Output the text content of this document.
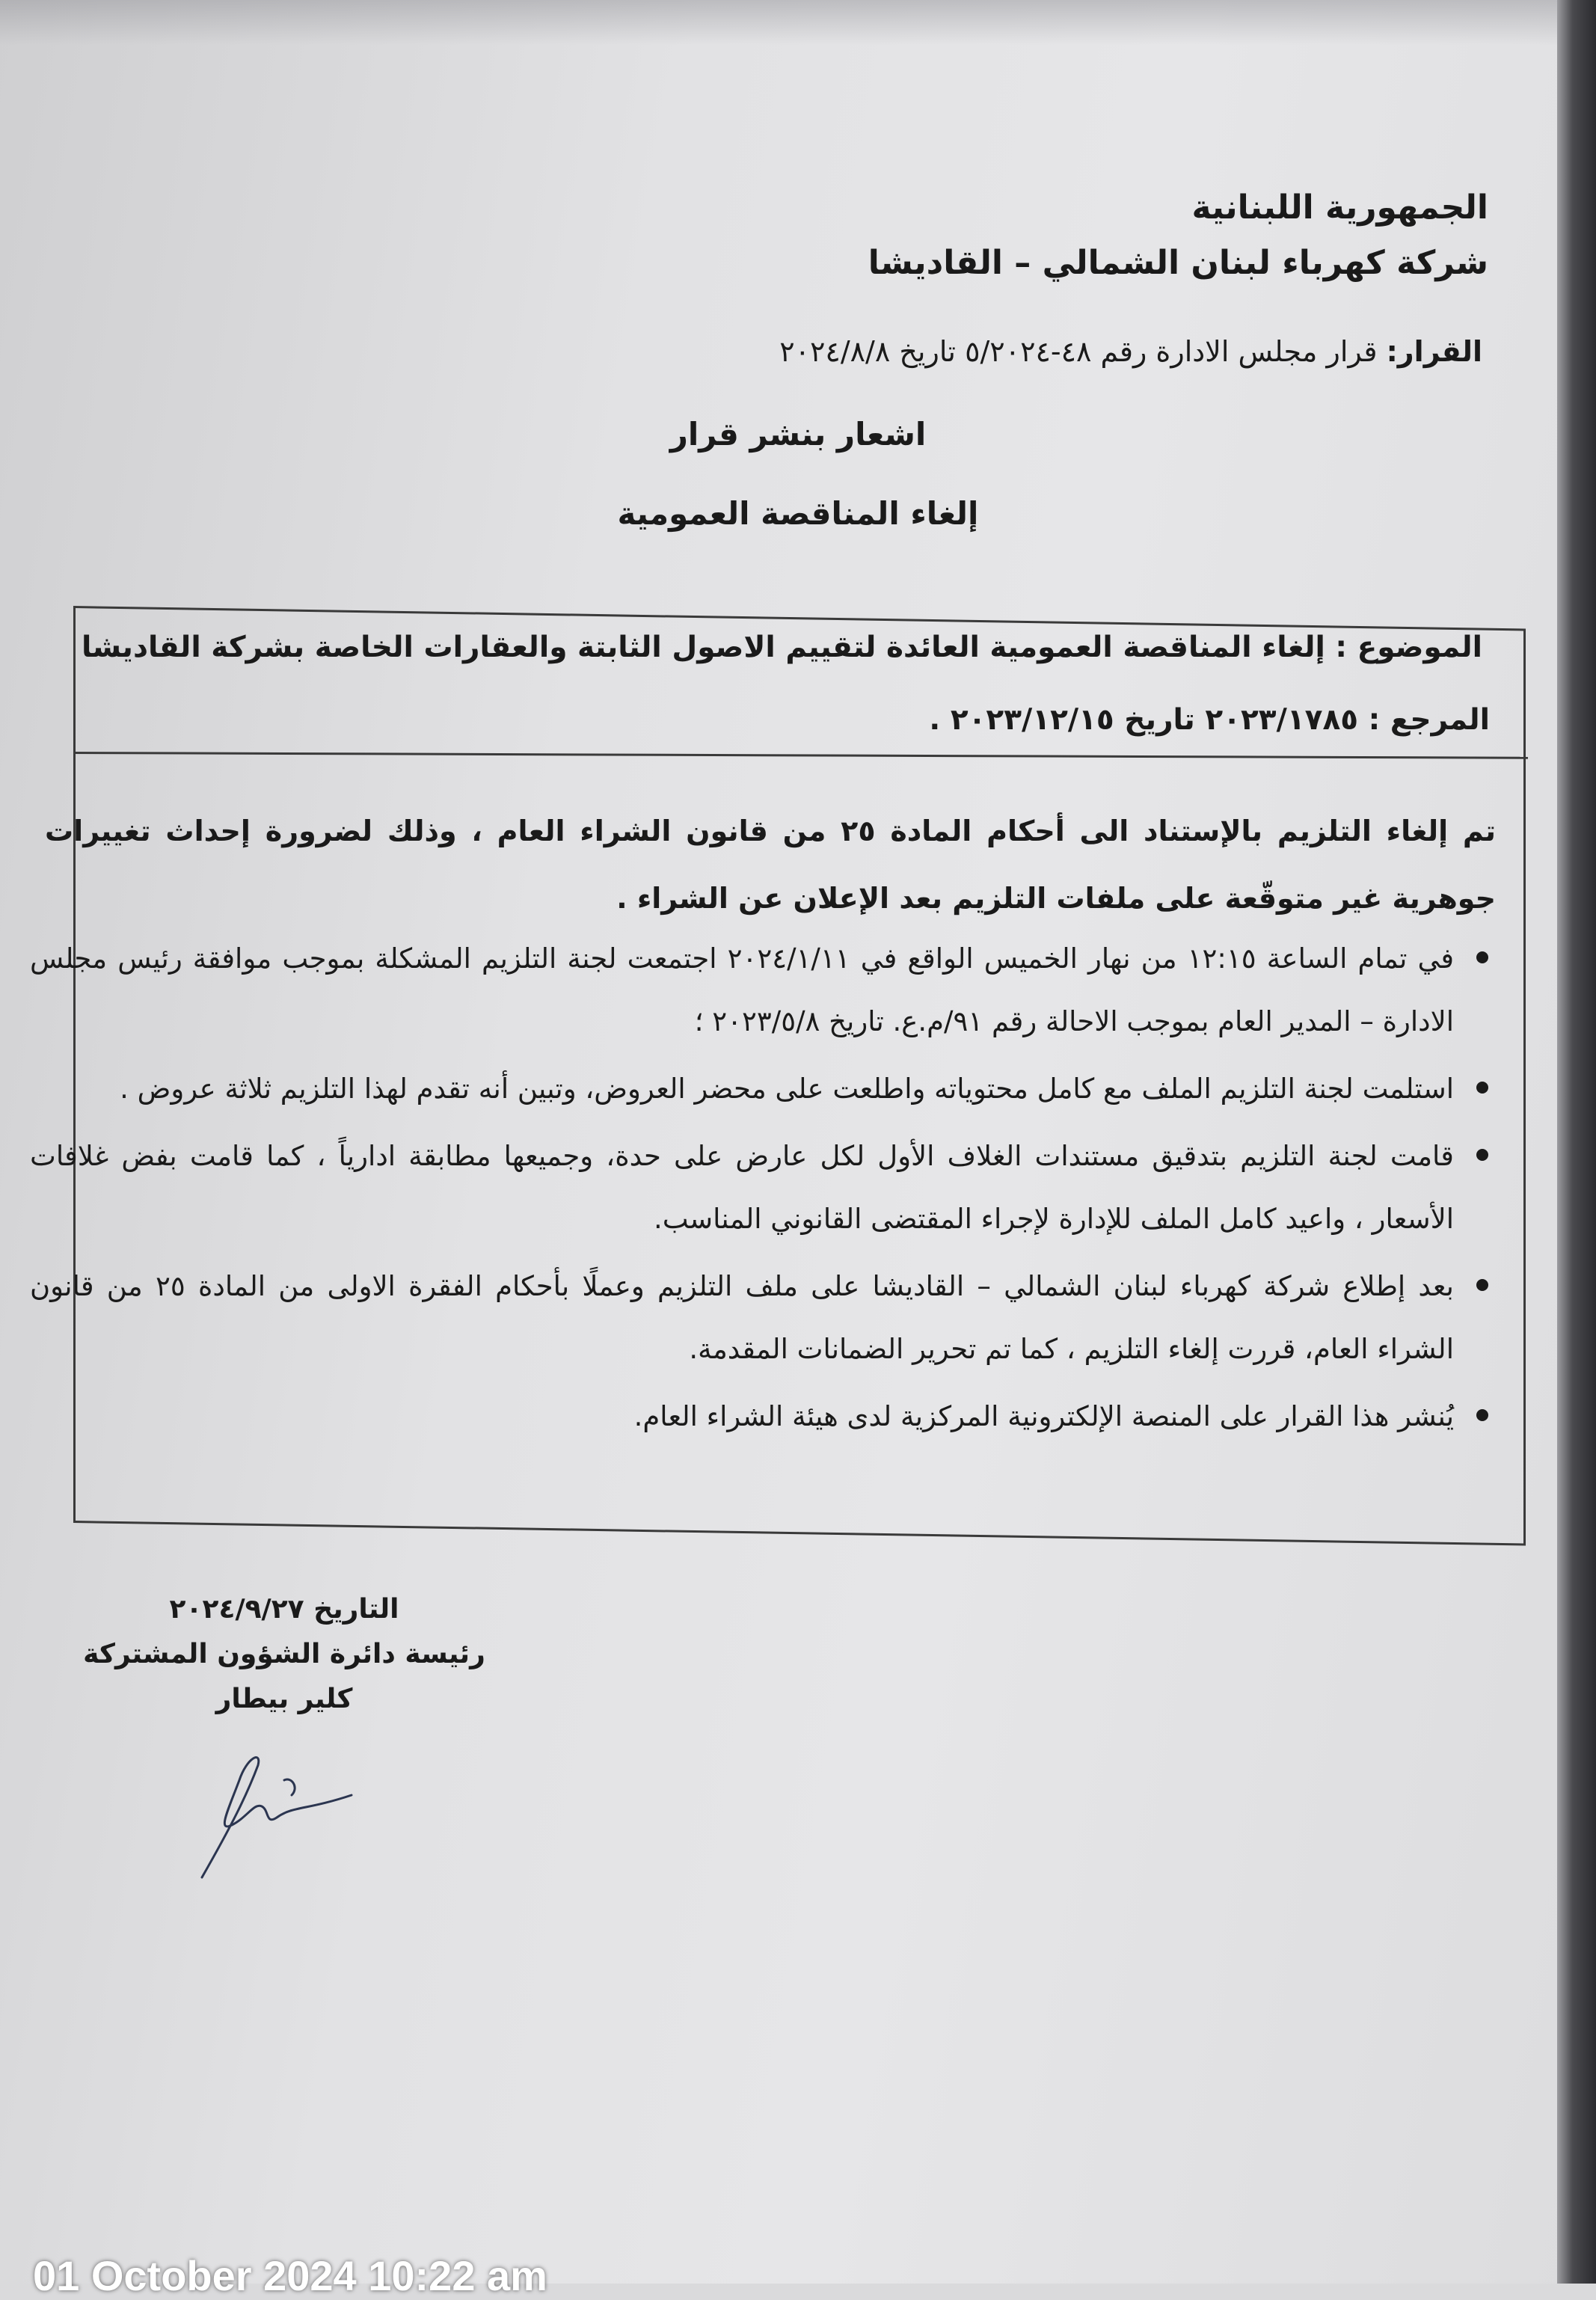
الجمهورية اللبنانية
شركة كهرباء لبنان الشمالي – القاديشا
القرار: قرار مجلس الادارة رقم ٤٨-٥/٢٠٢٤ تاريخ ٢٠٢٤/٨/٨
اشعار بنشر قرار
إلغاء المناقصة العمومية
الموضوع : إلغاء المناقصة العمومية العائدة لتقييم الاصول الثابتة والعقارات الخاصة بشركة القاديشا
المرجع : ٢٠٢٣/١٧٨٥ تاريخ ٢٠٢٣/١٢/١٥ .
تم إلغاء التلزيم بالإستناد الى أحكام المادة ٢٥ من قانون الشراء العام ، وذلك لضرورة إحداث تغييرات جوهرية غير متوقّعة على ملفات التلزيم بعد الإعلان عن الشراء .
في تمام الساعة ١٢:١٥ من نهار الخميس الواقع في ٢٠٢٤/١/١١ اجتمعت لجنة التلزيم المشكلة بموجب موافقة رئيس مجلس الادارة – المدير العام بموجب الاحالة رقم ٩١/م.ع. تاريخ ٢٠٢٣/٥/٨ ؛
استلمت لجنة التلزيم الملف مع كامل محتوياته واطلعت على محضر العروض، وتبين أنه تقدم لهذا التلزيم ثلاثة عروض .
قامت لجنة التلزيم بتدقيق مستندات الغلاف الأول لكل عارض على حدة، وجميعها مطابقة ادارياً ، كما قامت بفض غلافات الأسعار ، واعيد كامل الملف للإدارة لإجراء المقتضى القانوني المناسب.
بعد إطلاع شركة كهرباء لبنان الشمالي – القاديشا على ملف التلزيم وعملًا بأحكام الفقرة الاولى من المادة ٢٥ من قانون الشراء العام، قررت إلغاء التلزيم ، كما تم تحرير الضمانات المقدمة.
يُنشر هذا القرار على المنصة الإلكترونية المركزية لدى هيئة الشراء العام.
التاريخ ٢٠٢٤/٩/٢٧
رئيسة دائرة الشؤون المشتركة
كلير بيطار
01 October 2024 10:22 am
